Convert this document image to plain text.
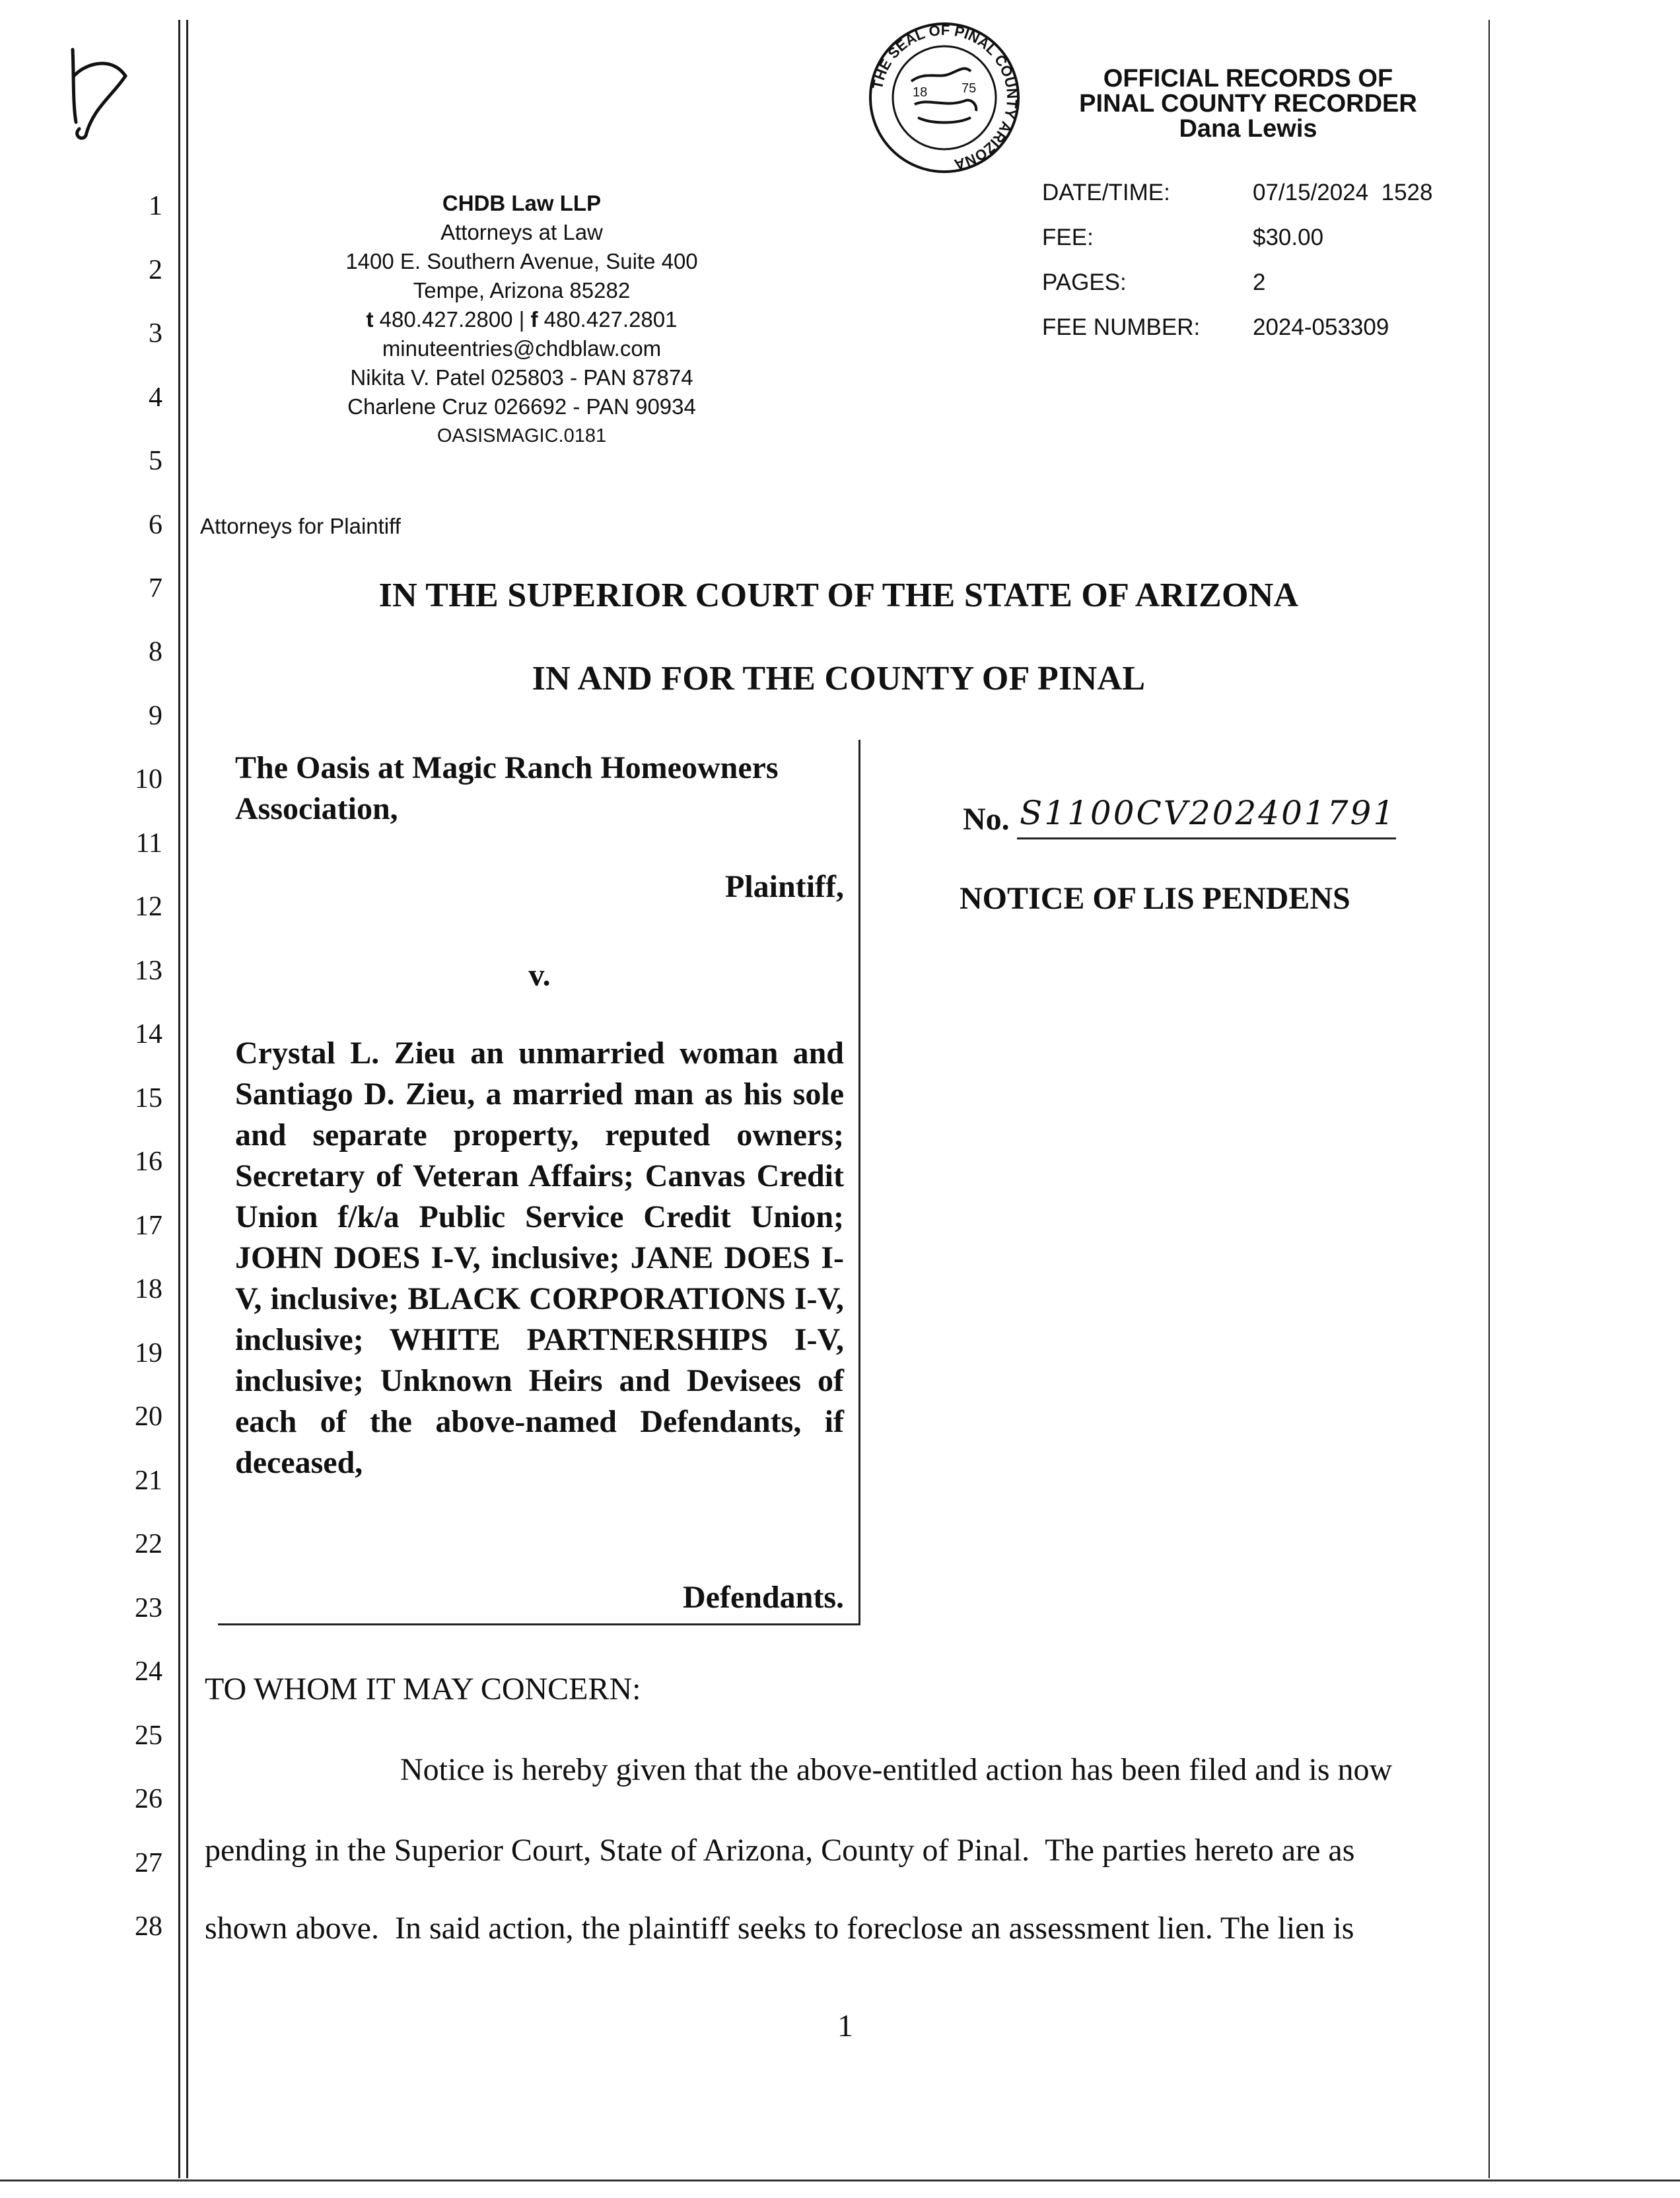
1
2
3
4
5
6
7
8
9
10
11
12
13
14
15
16
17
18
19
20
21
22
23
24
25
26
27
28
THE SEAL OF PINAL COUNTY ARIZONA
18	75	OFFICIAL RECORDS OF
PINAL COUNTY RECORDER
Dana Lewis
DATE/TIME:	07/15/2024  1528
FEE:	$30.00
PAGES:	2
FEE NUMBER: 2024-053309
CHDB Law LLP
Attorneys at Law
1400 E. Southern Avenue, Suite 400
Tempe, Arizona 85282
t 480.427.2800 | f 480.427.2801
minuteentries@chdblaw.com
Nikita V. Patel 025803 - PAN 87874
Charlene Cruz 026692 - PAN 90934
OASISMAGIC.0181
Attorneys for Plaintiff
IN THE SUPERIOR COURT OF THE STATE OF ARIZONA
IN AND FOR THE COUNTY OF PINAL
The Oasis at Magic Ranch Homeowners Association,
Plaintiff,
v.
Crystal L. Zieu an unmarried woman and Santiago D. Zieu, a married man as his sole and separate property, reputed owners; Secretary of Veteran Affairs; Canvas Credit Union f/k/a Public Service Credit Union; JOHN DOES I-V, inclusive; JANE DOES I-V, inclusive; BLACK CORPORATIONS I-V, inclusive; WHITE PARTNERSHIPS I-V, inclusive; Unknown Heirs and Devisees of each of the above-named Defendants, if deceased,
Defendants.
No. S1100CV202401791
NOTICE OF LIS PENDENS
TO WHOM IT MAY CONCERN:
Notice is hereby given that the above-entitled action has been filed and is now
pending in the Superior Court, State of Arizona, County of Pinal.  The parties hereto are as
shown above.  In said action, the plaintiff seeks to foreclose an assessment lien. The lien is
1
